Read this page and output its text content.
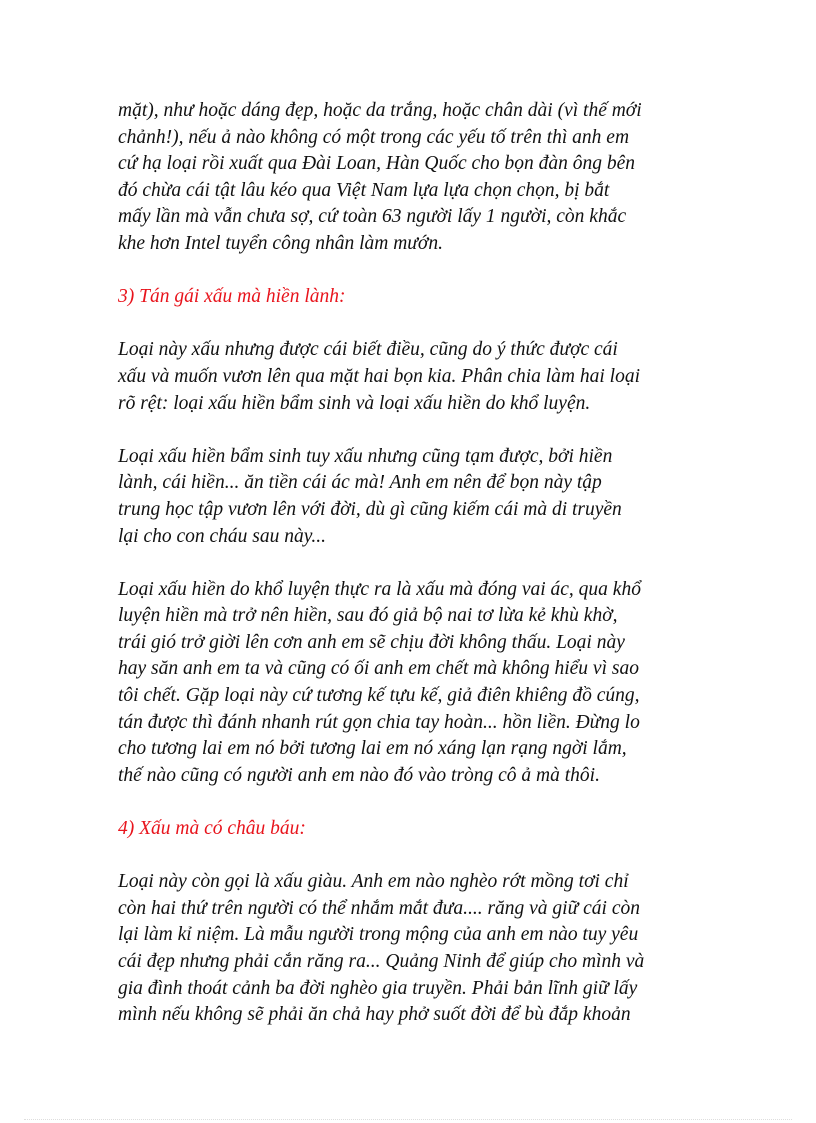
mặt), như hoặc dáng đẹp, hoặc da trắng, hoặc chân dài (vì thế mới
chảnh!), nếu ả nào không có một trong các yếu tố trên thì anh em
cứ hạ loại rồi xuất qua Đài Loan, Hàn Quốc cho bọn đàn ông bên
đó chừa cái tật lâu kéo qua Việt Nam lựa lựa chọn chọn, bị bắt
mấy lần mà vẫn chưa sợ, cứ toàn 63 người lấy 1 người, còn khắc
khe hơn Intel tuyển công nhân làm mướn.
3) Tán gái xấu mà hiền lành:
Loại này xấu nhưng được cái biết điều, cũng do ý thức được cái
xấu và muốn vươn lên qua mặt hai bọn kia. Phân chia làm hai loại
rõ rệt: loại xấu hiền bẩm sinh và loại xấu hiền do khổ luyện.
Loại xấu hiền bẩm sinh tuy xấu nhưng cũng tạm được, bởi hiền
lành, cái hiền... ăn tiền cái ác mà! Anh em nên để bọn này tập
trung học tập vươn lên với đời, dù gì cũng kiếm cái mà di truyền
lại cho con cháu sau này...
Loại xấu hiền do khổ luyện thực ra là xấu mà đóng vai ác, qua khổ
luyện hiền mà trở nên hiền, sau đó giả bộ nai tơ lừa kẻ khù khờ,
trái gió trở giời lên cơn anh em sẽ chịu đời không thấu. Loại này
hay săn anh em ta và cũng có ối anh em chết mà không hiểu vì sao
tôi chết. Gặp loại này cứ tương kế tựu kế, giả điên khiêng đồ cúng,
tán được thì đánh nhanh rút gọn chia tay hoàn... hồn liền. Đừng lo
cho tương lai em nó bởi tương lai em nó xáng lạn rạng ngời lắm,
thế nào cũng có người anh em nào đó vào tròng cô ả mà thôi.
4) Xấu mà có châu báu:
Loại này còn gọi là xấu giàu. Anh em nào nghèo rớt mồng tơi chỉ
còn hai thứ trên người có thể nhắm mắt đưa.... răng và giữ cái còn
lại làm kỉ niệm. Là mẫu người trong mộng của anh em nào tuy yêu
cái đẹp nhưng phải cắn răng ra... Quảng Ninh để giúp cho mình và
gia đình thoát cảnh ba đời nghèo gia truyền. Phải bản lĩnh giữ lấy
mình nếu không sẽ phải ăn chả hay phở suốt đời để bù đắp khoản
